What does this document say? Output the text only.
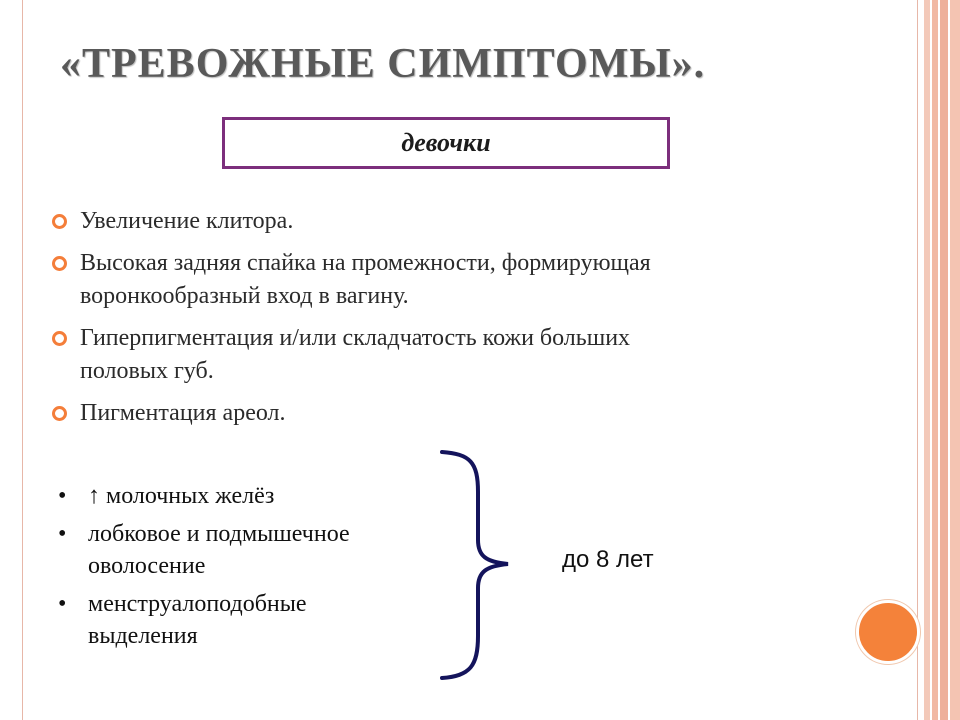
«ТРЕВОЖНЫЕ СИМПТОМЫ».
девочки
Увеличение клитора.
Высокая задняя спайка на промежности, формирующая
воронкообразный вход в вагину.
Гиперпигментация и/или складчатость кожи больших
половых губ.
Пигментация ареол.
• ↑ молочных желёз
• лобковое и подмышечное
оволосение
• менструалоподобные
выделения
до 8 лет
